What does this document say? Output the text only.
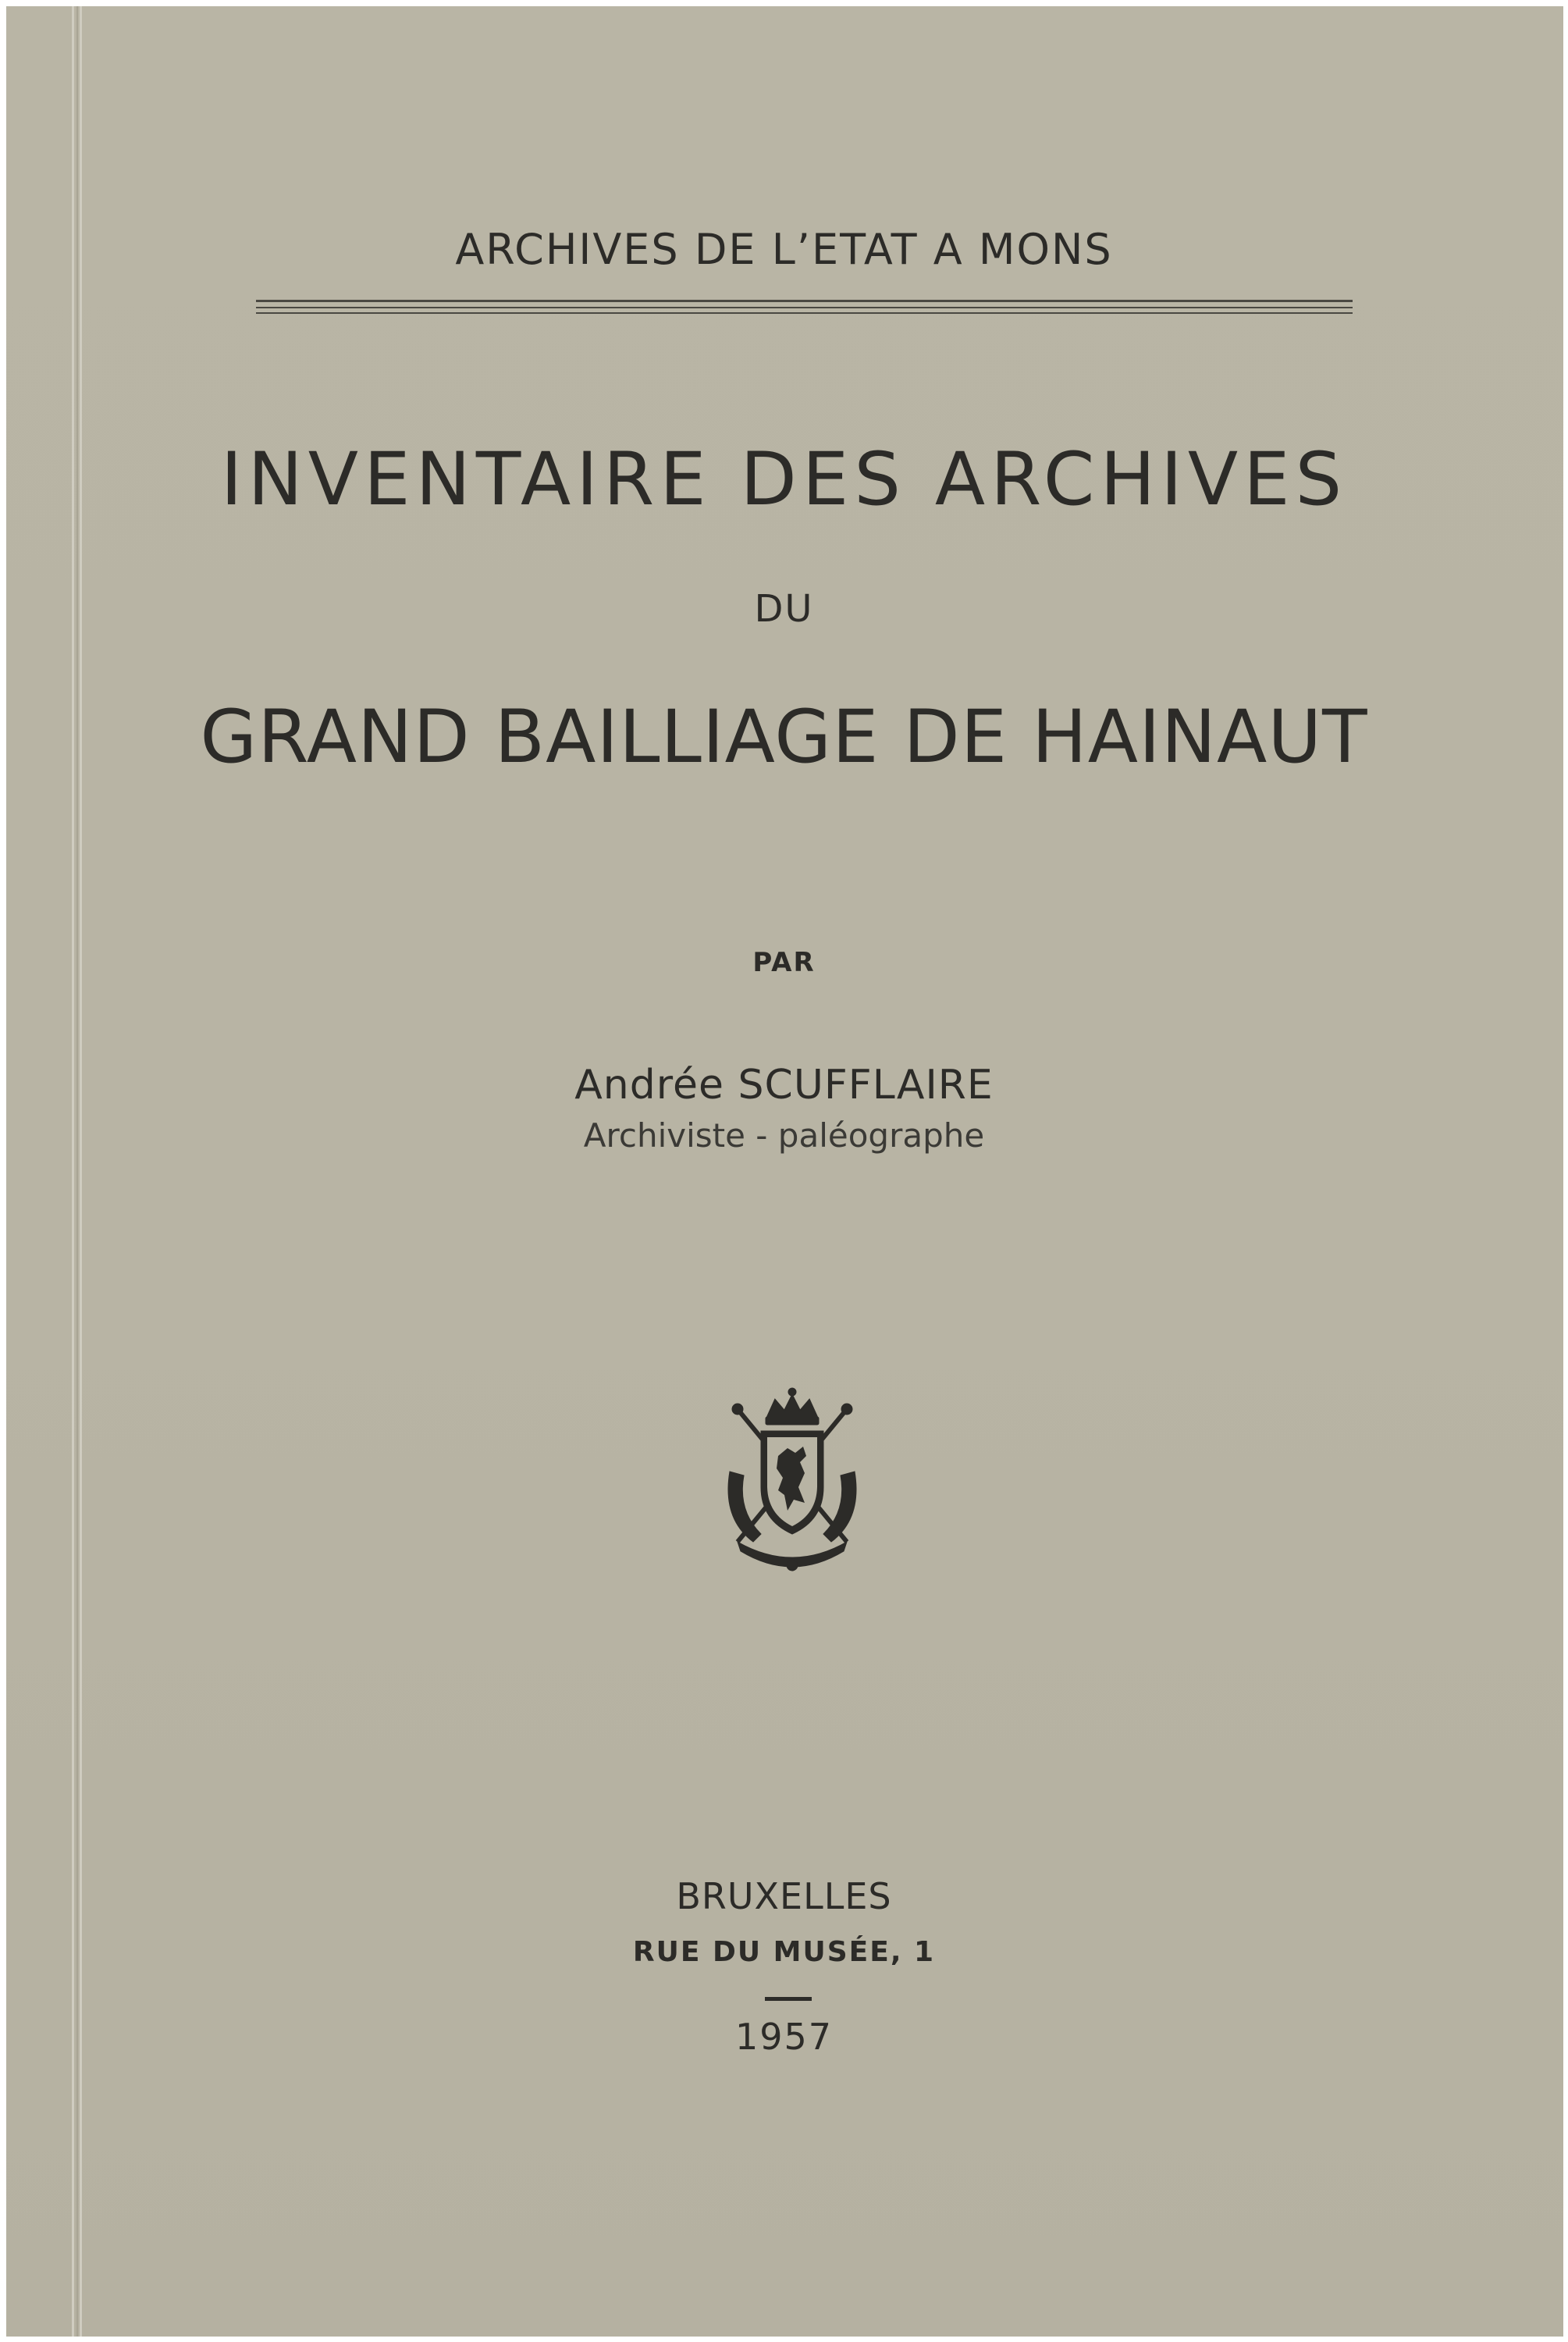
ARCHIVES DE L’ETAT A MONS
INVENTAIRE DES ARCHIVES
DU
GRAND BAILLIAGE DE HAINAUT
PAR
Andrée SCUFFLAIRE
Archiviste - paléographe
BRUXELLES
RUE DU MUSÉE, 1
1957
